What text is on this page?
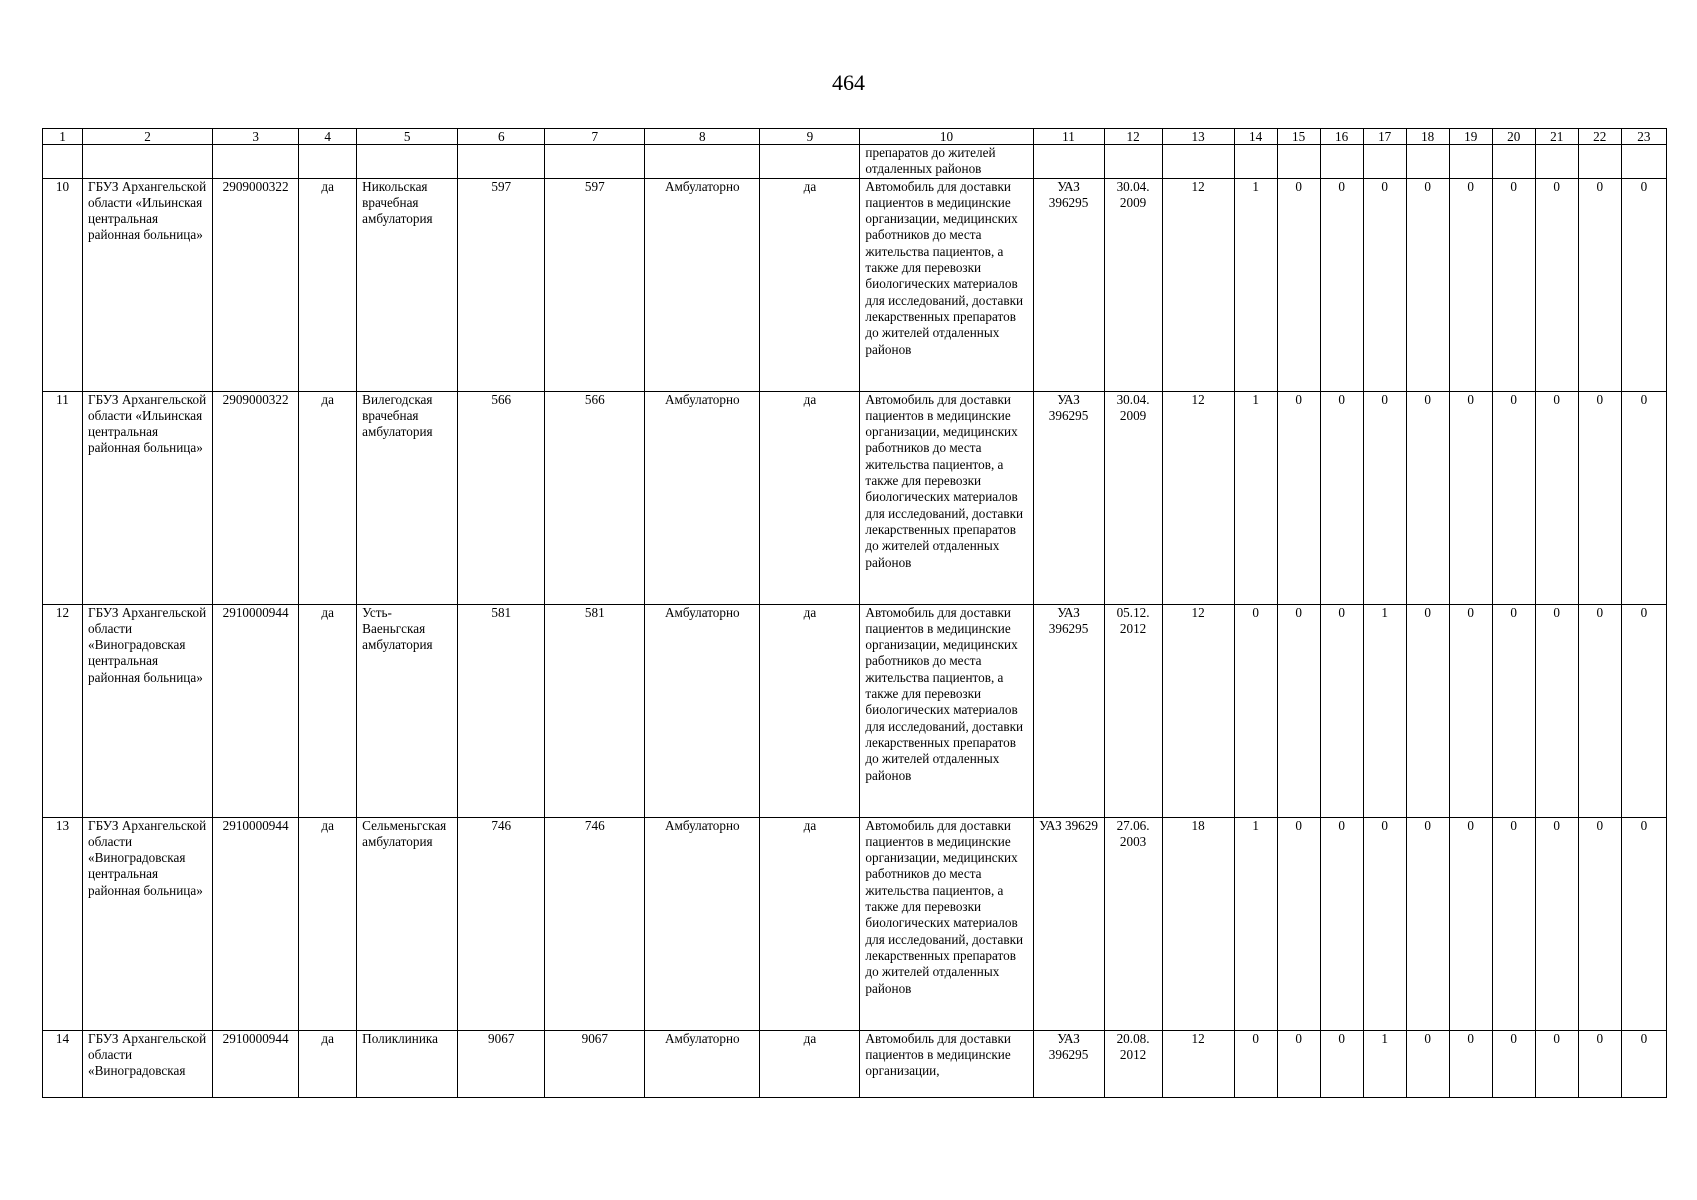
464
1	2	3	4	5	6	7	8	9	10	11	12	13	14	15	16	17	18	19	20	21	22	23
									препаратов до жителей отдаленных районов													
10	ГБУЗ Архангельской области «Ильинская центральная районная больница»	2909000322	да	Никольская врачебная амбулатория	597	597	Амбулаторно	да	Автомобиль для доставки пациентов в медицинские организации, медицинских работников до места жительства пациентов, а также для перевозки биологических материалов для исследований, доставки лекарственных препаратов до жителей отдаленных районов	УАЗ 396295	30.04. 2009	12	1	0	0	0	0	0	0	0	0	0
11	ГБУЗ Архангельской области «Ильинская центральная районная больница»	2909000322	да	Вилегодская врачебная амбулатория	566	566	Амбулаторно	да	Автомобиль для доставки пациентов в медицинские организации, медицинских работников до места жительства пациентов, а также для перевозки биологических материалов для исследований, доставки лекарственных препаратов до жителей отдаленных районов	УАЗ 396295	30.04. 2009	12	1	0	0	0	0	0	0	0	0	0
12	ГБУЗ Архангельской области «Виноградовская центральная районная больница»	2910000944	да	Усть-Ваеньгская амбулатория	581	581	Амбулаторно	да	Автомобиль для доставки пациентов в медицинские организации, медицинских работников до места жительства пациентов, а также для перевозки биологических материалов для исследований, доставки лекарственных препаратов до жителей отдаленных районов	УАЗ 396295	05.12. 2012	12	0	0	0	1	0	0	0	0	0	0
13	ГБУЗ Архангельской области «Виноградовская центральная районная больница»	2910000944	да	Сельменьгская амбулатория	746	746	Амбулаторно	да	Автомобиль для доставки пациентов в медицинские организации, медицинских работников до места жительства пациентов, а также для перевозки биологических материалов для исследований, доставки лекарственных препаратов до жителей отдаленных районов	УАЗ 39629	27.06. 2003	18	1	0	0	0	0	0	0	0	0	0
14	ГБУЗ Архангельской области «Виноградовская	2910000944	да	Поликлиника	9067	9067	Амбулаторно	да	Автомобиль для доставки пациентов в медицинские организации,	УАЗ 396295	20.08. 2012	12	0	0	0	1	0	0	0	0	0	0
